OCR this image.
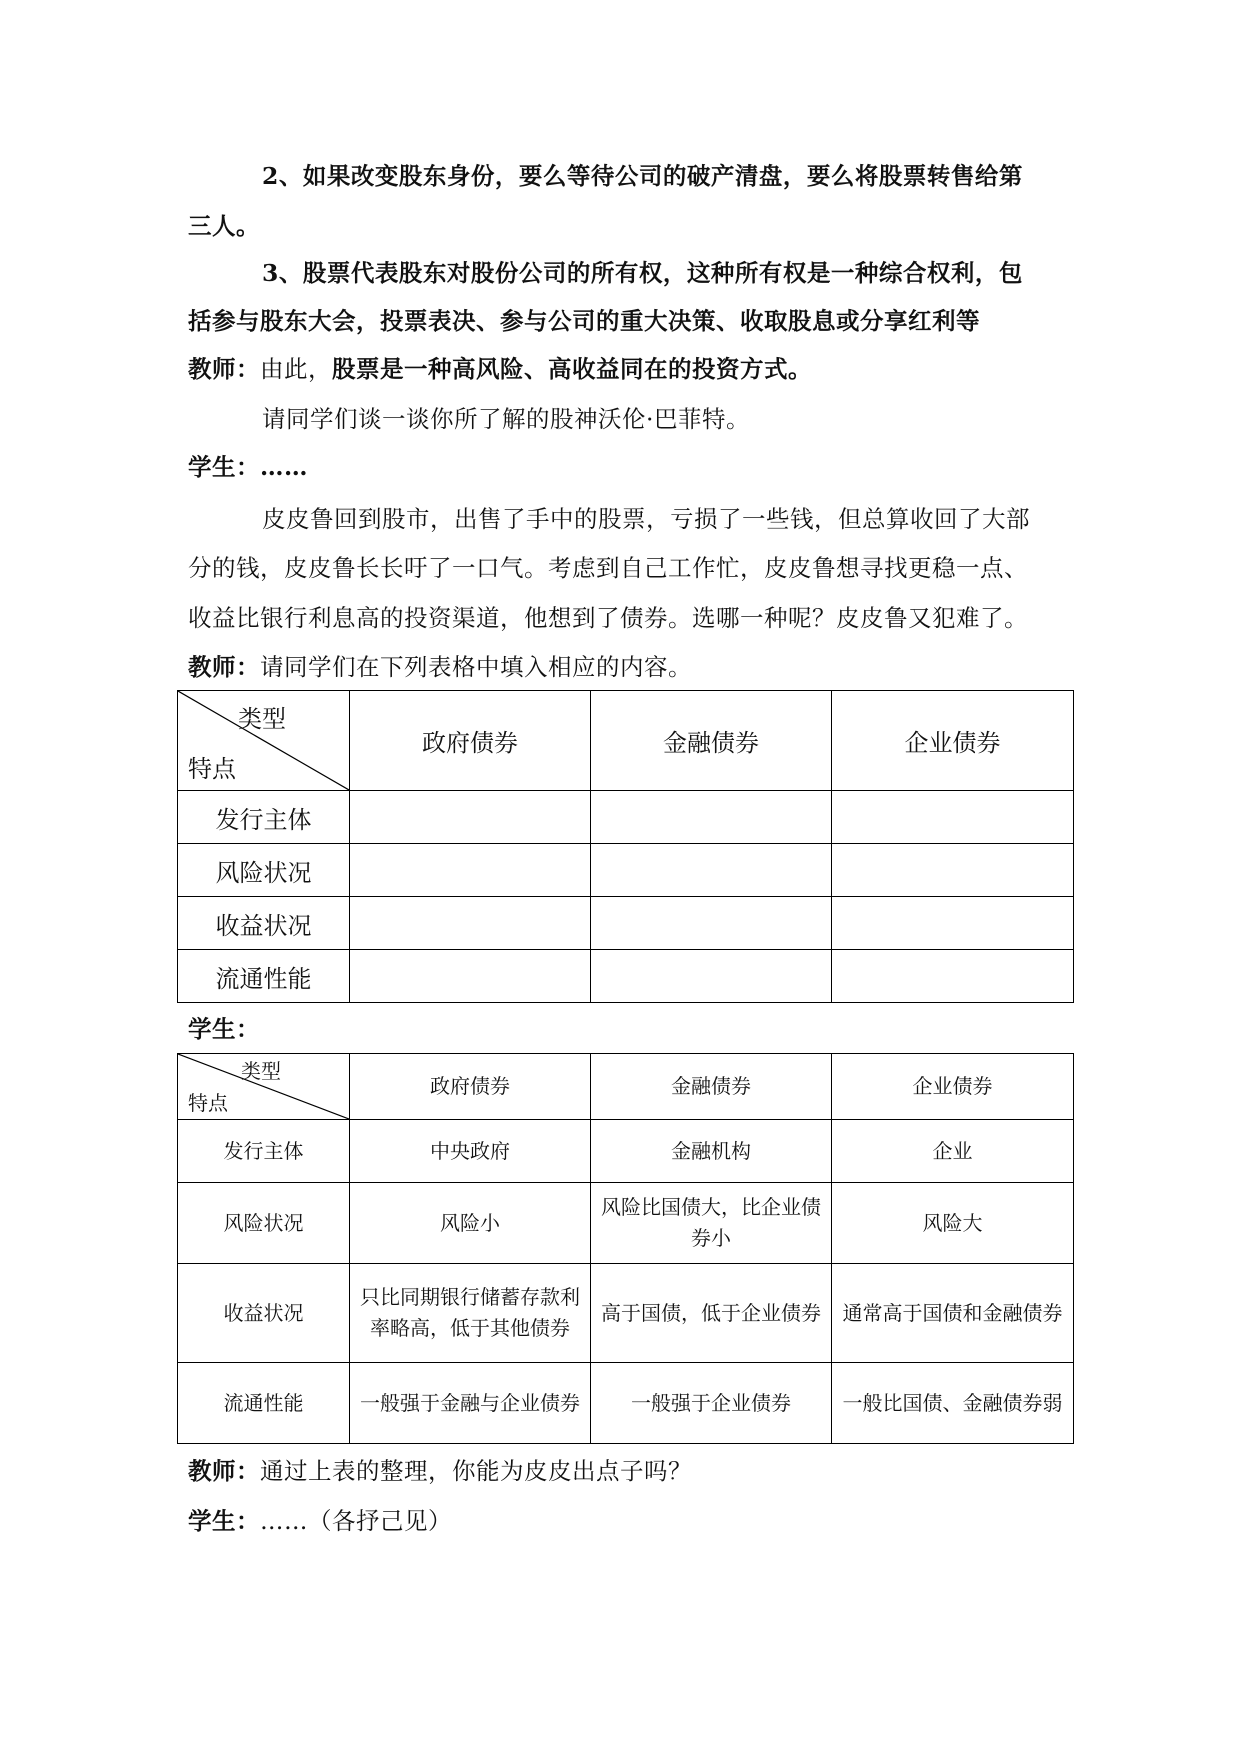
2、如果改变股东身份，要么等待公司的破产清盘，要么将股票转售给第
三人。
3、股票代表股东对股份公司的所有权，这种所有权是一种综合权利，包
括参与股东大会，投票表决、参与公司的重大决策、收取股息或分享红利等
教师：由此，股票是一种高风险、高收益同在的投资方式。
请同学们谈一谈你所了解的股神沃伦·巴菲特。
学生：……
皮皮鲁回到股市，出售了手中的股票，亏损了一些钱，但总算收回了大部
分的钱，皮皮鲁长长吁了一口气。考虑到自己工作忙，皮皮鲁想寻找更稳一点、
收益比银行利息高的投资渠道，他想到了债券。选哪一种呢？皮皮鲁又犯难了。
教师：请同学们在下列表格中填入相应的内容。
类型
特点	政府债券	金融债券	企业债券
发行主体			
风险状况			
收益状况			
流通性能			
学生：
类型
特点	政府债券	金融债券	企业债券
发行主体	中央政府	金融机构	企业
风险状况	风险小	风险比国债大，比企业债券小	风险大
收益状况	只比同期银行储蓄存款利率略高，低于其他债券	高于国债，低于企业债券	通常高于国债和金融债券
流通性能	一般强于金融与企业债券	一般强于企业债券	一般比国债、金融债券弱
教师：通过上表的整理，你能为皮皮出点子吗？
学生：……（各抒己见）
